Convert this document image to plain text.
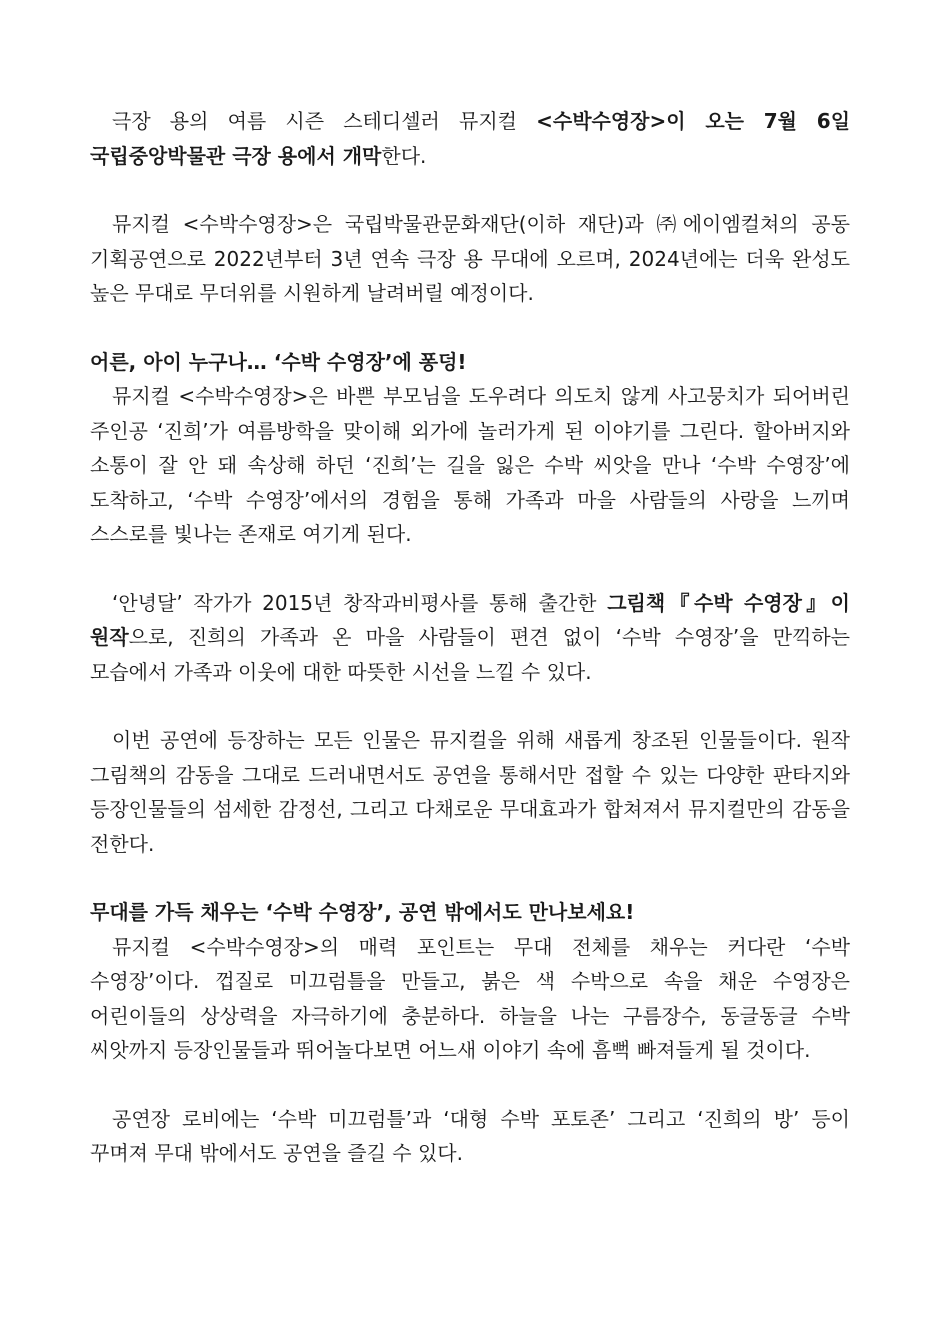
극장 용의 여름 시즌 스테디셀러 뮤지컬 <수박수영장>이 오는 7월 6일 국립중앙박물관 극장 용에서 개막한다.

뮤지컬 <수박수영장>은 국립박물관문화재단(이하 재단)과 ㈜에이엠컬쳐의 공동 기획공연으로 2022년부터 3년 연속 극장 용 무대에 오르며, 2024년에는 더욱 완성도 높은 무대로 무더위를 시원하게 날려버릴 예정이다.

어른, 아이 누구나… ‘수박 수영장’에 퐁덩!

뮤지컬 <수박수영장>은 바쁜 부모님을 도우려다 의도치 않게 사고뭉치가 되어버린 주인공 ‘진희’가 여름방학을 맞이해 외가에 놀러가게 된 이야기를 그린다. 할아버지와 소통이 잘 안 돼 속상해 하던 ‘진희’는 길을 잃은 수박 씨앗을 만나 ‘수박 수영장’에 도착하고, ‘수박 수영장’에서의 경험을 통해 가족과 마을 사람들의 사랑을 느끼며 스스로를 빛나는 존재로 여기게 된다.

‘안녕달’ 작가가 2015년 창작과비평사를 통해 출간한 그림책『수박 수영장』이 원작으로, 진희의 가족과 온 마을 사람들이 편견 없이 ‘수박 수영장’을 만끽하는 모습에서 가족과 이웃에 대한 따뜻한 시선을 느낄 수 있다.

이번 공연에 등장하는 모든 인물은 뮤지컬을 위해 새롭게 창조된 인물들이다. 원작 그림책의 감동을 그대로 드러내면서도 공연을 통해서만 접할 수 있는 다양한 판타지와 등장인물들의 섬세한 감정선, 그리고 다채로운 무대효과가 합쳐져서 뮤지컬만의 감동을 전한다.

무대를 가득 채우는 ‘수박 수영장’, 공연 밖에서도 만나보세요!

뮤지컬 <수박수영장>의 매력 포인트는 무대 전체를 채우는 커다란 ‘수박 수영장’이다. 껍질로 미끄럼틀을 만들고, 붉은 색 수박으로 속을 채운 수영장은 어린이들의 상상력을 자극하기에 충분하다. 하늘을 나는 구름장수, 동글동글 수박 씨앗까지 등장인물들과 뛰어놀다보면 어느새 이야기 속에 흠뻑 빠져들게 될 것이다.

공연장 로비에는 ‘수박 미끄럼틀’과 ‘대형 수박 포토존’ 그리고 ‘진희의 방’ 등이 꾸며져 무대 밖에서도 공연을 즐길 수 있다.
